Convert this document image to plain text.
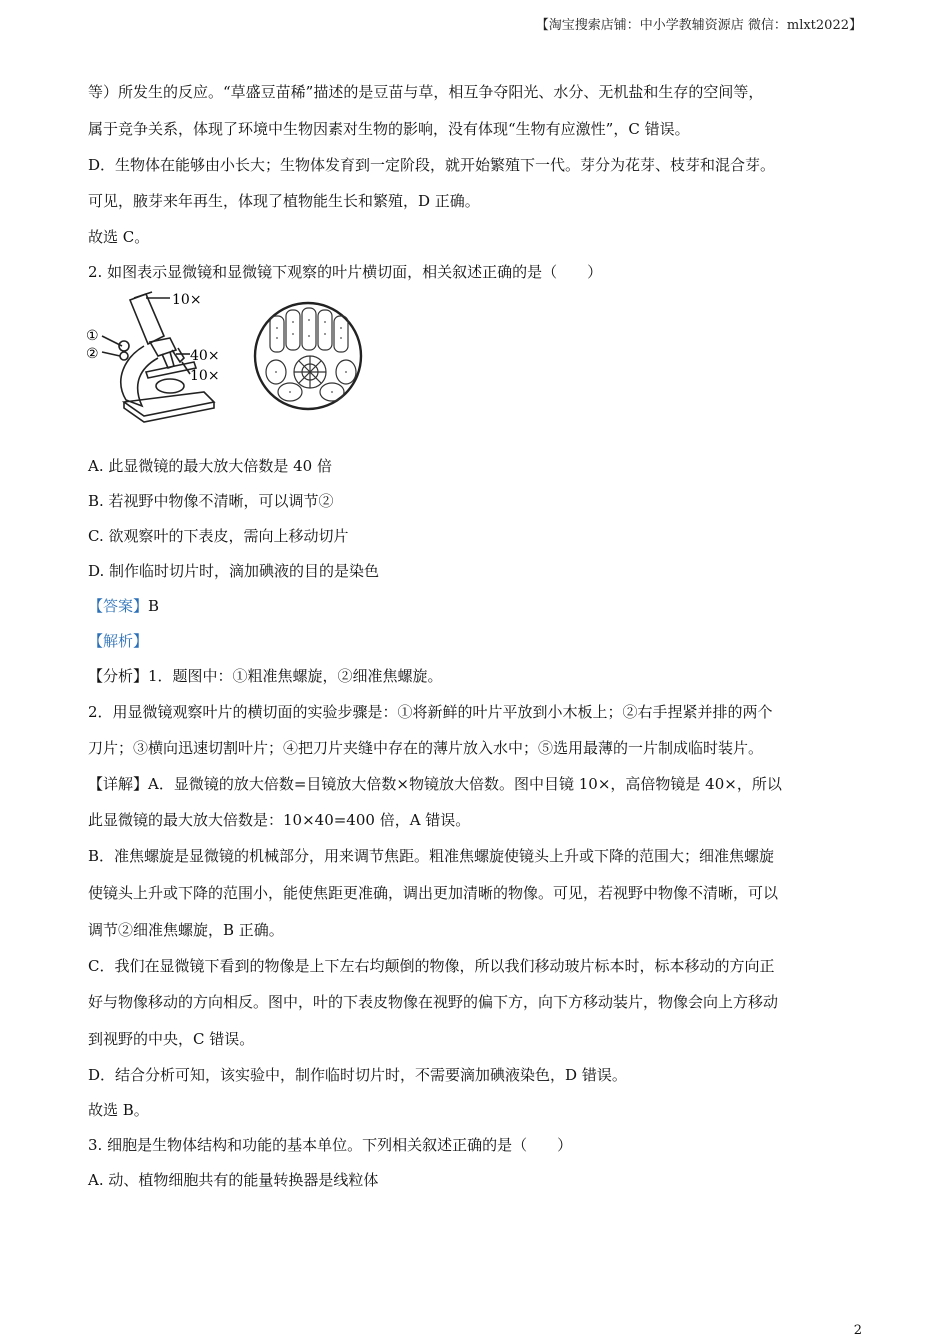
【淘宝搜索店铺：中小学教辅资源店 微信：mlxt2022】
等）所发生的反应。“草盛豆苗稀”描述的是豆苗与草，相互争夺阳光、水分、无机盐和生存的空间等，
属于竞争关系，体现了环境中生物因素对生物的影响，没有体现“生物有应激性”，C 错误。
D．生物体在能够由小长大；生物体发育到一定阶段，就开始繁殖下一代。芽分为花芽、枝芽和混合芽。
可见，腋芽来年再生，体现了植物能生长和繁殖，D 正确。
故选 C。
2. 如图表示显微镜和显微镜下观察的叶片横切面，相关叙述正确的是（　　）
10×
①
②	40×
10×
A. 此显微镜的最大放大倍数是 40 倍
B. 若视野中物像不清晰，可以调节②
C. 欲观察叶的下表皮，需向上移动切片
D. 制作临时切片时，滴加碘液的目的是染色
【答案】B
【解析】
【分析】1．题图中：①粗准焦螺旋，②细准焦螺旋。
2．用显微镜观察叶片的横切面的实验步骤是：①将新鲜的叶片平放到小木板上；②右手捏紧并排的两个
刀片；③横向迅速切割叶片；④把刀片夹缝中存在的薄片放入水中；⑤选用最薄的一片制成临时装片。
【详解】A．显微镜的放大倍数=目镜放大倍数×物镜放大倍数。图中目镜 10×，高倍物镜是 40×，所以
此显微镜的最大放大倍数是：10×40=400 倍，A 错误。
B．准焦螺旋是显微镜的机械部分，用来调节焦距。粗准焦螺旋使镜头上升或下降的范围大；细准焦螺旋
使镜头上升或下降的范围小，能使焦距更准确，调出更加清晰的物像。可见，若视野中物像不清晰，可以
调节②细准焦螺旋，B 正确。
C．我们在显微镜下看到的物像是上下左右均颠倒的物像，所以我们移动玻片标本时，标本移动的方向正
好与物像移动的方向相反。图中，叶的下表皮物像在视野的偏下方，向下方移动装片，物像会向上方移动
到视野的中央，C 错误。
D．结合分析可知，该实验中，制作临时切片时，不需要滴加碘液染色，D 错误。
故选 B。
3. 细胞是生物体结构和功能的基本单位。下列相关叙述正确的是（　　）
A. 动、植物细胞共有的能量转换器是线粒体
2
